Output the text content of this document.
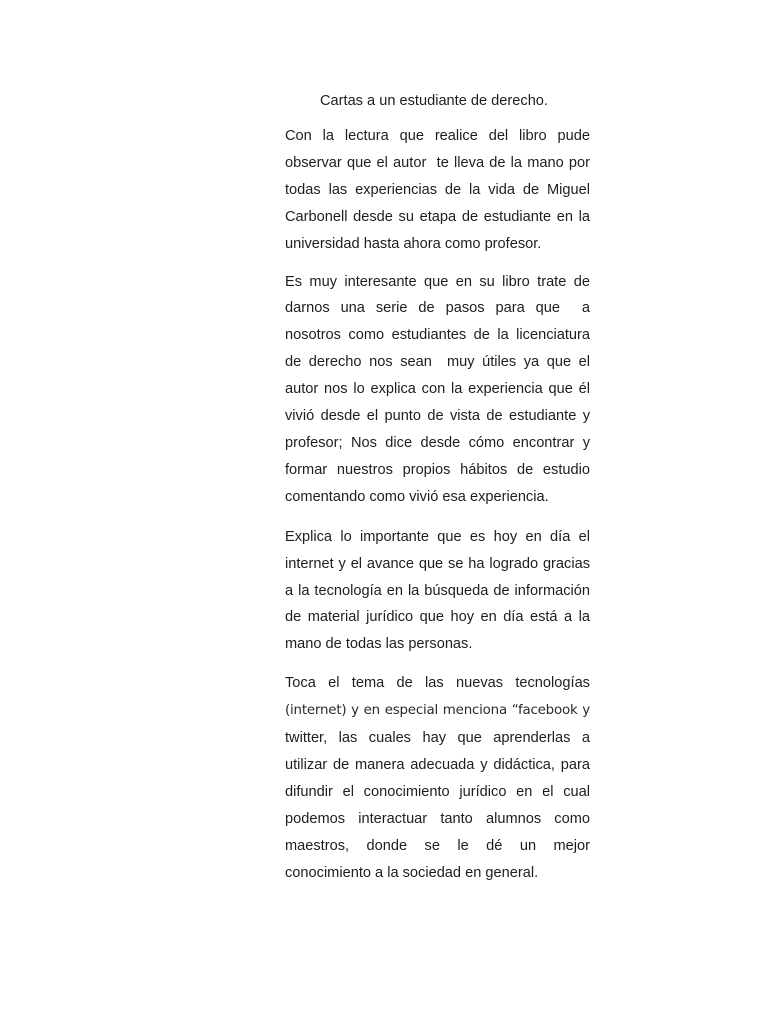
Cartas a un estudiante de derecho.

Con la lectura que realice del libro pude observar que el autor  te lleva de la mano por todas las experiencias de la vida de Miguel Carbonell desde su etapa de estudiante en la universidad hasta ahora como profesor.

Es muy interesante que en su libro trate de darnos una serie de pasos para que  a nosotros como estudiantes de la licenciatura de derecho nos sean  muy útiles ya que el autor nos lo explica con la experiencia que él vivió desde el punto de vista de estudiante y profesor; Nos dice desde cómo encontrar y formar nuestros propios hábitos de estudio comentando como vivió esa experiencia.

Explica lo importante que es hoy en día el internet y el avance que se ha logrado gracias a la tecnología en la búsqueda de información de material jurídico que hoy en día está a la mano de todas las personas.

Toca el tema de las nuevas tecnologías (internet) y en especial menciona “facebook y twitter, las cuales hay que aprenderlas a utilizar de manera adecuada y didáctica, para difundir el conocimiento jurídico en el cual podemos interactuar tanto alumnos como maestros, donde se le dé un mejor conocimiento a la sociedad en general.
